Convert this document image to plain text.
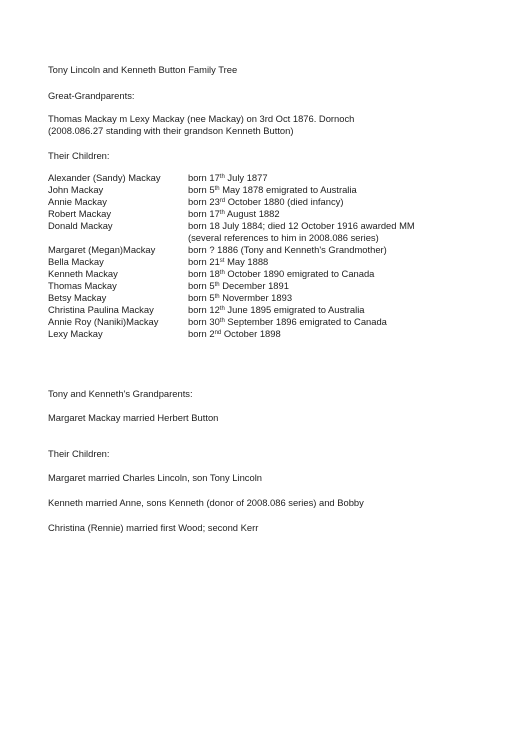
Tony Lincoln and Kenneth Button Family Tree
Great-Grandparents:
Thomas Mackay m Lexy Mackay (nee Mackay) on 3rd Oct 1876. Dornoch
(2008.086.27 standing with their grandson Kenneth Button)
Their Children:
Alexander (Sandy) Mackay	born 17th July 1877
John Mackay	born 5th May 1878 emigrated to Australia
Annie Mackay	born 23rd October 1880 (died infancy)
Robert Mackay	born 17th August 1882
Donald Mackay	born 18 July 1884; died 12 October 1916 awarded MM
(several references to him in 2008.086 series)
Margaret (Megan)Mackay	born ? 1886 (Tony and Kenneth's Grandmother)
Bella Mackay	born 21st May 1888
Kenneth Mackay	born 18th October 1890 emigrated to Canada
Thomas Mackay	born 5th December 1891
Betsy Mackay	born 5th Novermber 1893
Christina Paulina Mackay	born 12th June 1895 emigrated to Australia
Annie Roy (Naniki)Mackay	born 30th September 1896 emigrated to Canada
Lexy Mackay	born 2nd October 1898
Tony and Kenneth's Grandparents:
Margaret Mackay married Herbert Button
Their Children:
Margaret married Charles Lincoln, son Tony Lincoln
Kenneth married Anne, sons Kenneth (donor of 2008.086 series) and Bobby
Christina (Rennie) married first Wood; second Kerr
